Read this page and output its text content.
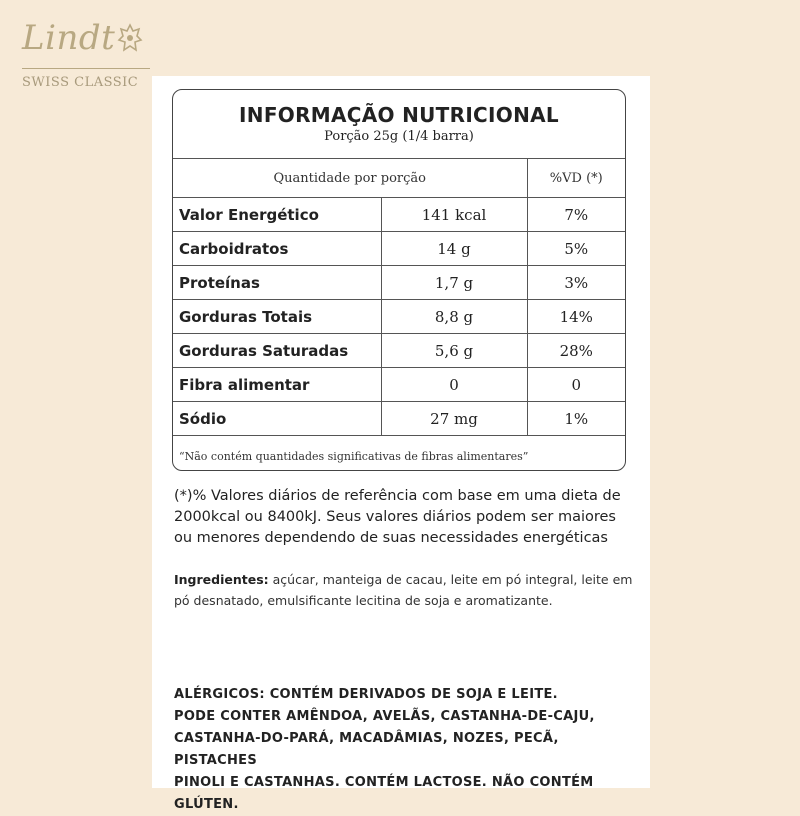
Lindt
SWISS CLASSIC
INFORMAÇÃO NUTRICIONAL
Porção 25g (1/4 barra)
Quantidade por porção		%VD (*)
Valor Energético	141 kcal	7%
Carboidratos	14 g	5%
Proteínas	1,7 g	3%
Gorduras Totais	8,8 g	14%
Gorduras Saturadas	5,6 g	28%
Fibra alimentar	0	0
Sódio	27 mg	1%
“Não contém quantidades significativas de fibras alimentares”
(*)% Valores diários de referência com base em uma dieta de 2000kcal ou 8400kJ. Seus valores diários podem ser maiores ou menores dependendo de suas necessidades energéticas
Ingredientes: açúcar, manteiga de cacau, leite em pó integral, leite em pó desnatado, emulsificante lecitina de soja e aromatizante.
ALÉRGICOS: CONTÉM DERIVADOS DE SOJA E LEITE.
PODE CONTER AMÊNDOA, AVELÃS, CASTANHA-DE-CAJU,
CASTANHA-DO-PARÁ, MACADÂMIAS, NOZES, PECÃ, PISTACHES
PINOLI E CASTANHAS. CONTÉM LACTOSE. NÃO CONTÉM GLÚTEN.
